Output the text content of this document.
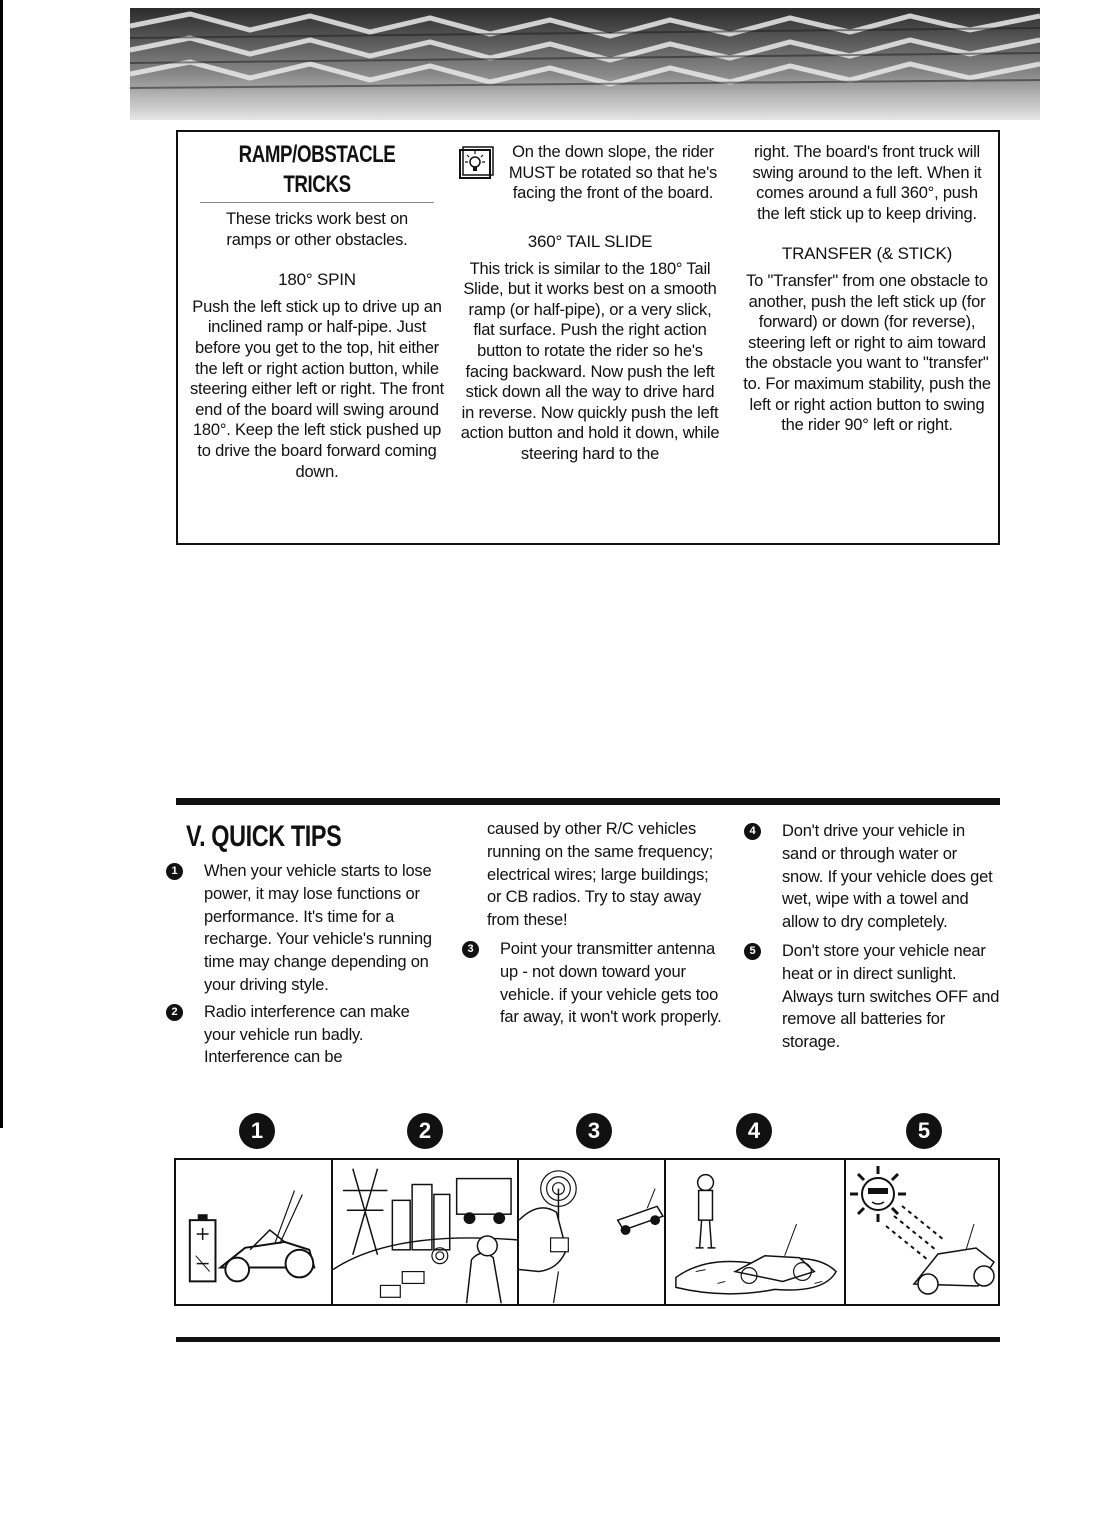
RAMP/OBSTACLE TRICKS
These tricks work best on ramps or other obstacles.
180° SPIN
Push the left stick up to drive up an inclined ramp or half-pipe. Just before you get to the top, hit either the left or right action button, while steering either left or right. The front end of the board will swing around 180°. Keep the left stick pushed up to drive the board forward coming down.
On the down slope, the rider MUST be rotated so that he's facing the front of the board.
360° TAIL SLIDE
This trick is similar to the 180° Tail Slide, but it works best on a smooth ramp (or half-pipe), or a very slick, flat surface. Push the right action button to rotate the rider so he's facing backward. Now push the left stick down all the way to drive hard in reverse. Now quickly push the left action button and hold it down, while steering hard to the
right. The board's front truck will swing around to the left. When it comes around a full 360°, push the left stick up to keep driving.
TRANSFER (& STICK)
To "Transfer" from one obstacle to another, push the left stick up (for forward) or down (for reverse), steering left or right to aim toward the obstacle you want to "transfer" to. For maximum stability, push the left or right action button to swing the rider 90° left or right.
V. QUICK TIPS
1	When your vehicle starts to lose power, it may lose functions or performance. It's time for a recharge. Your vehicle's running time may change depending on your driving style.
2	Radio interference can make your vehicle run badly. Interference can be
caused by other R/C vehicles running on the same frequency; electrical wires; large buildings; or CB radios. Try to stay away from these!
3	Point your transmitter antenna up - not down toward your vehicle. if your vehicle gets too far away, it won't work properly.
4	Don't drive your vehicle in sand or through water or snow. If your vehicle does get wet, wipe with a towel and allow to dry completely.
5	Don't store your vehicle near heat or in direct sunlight. Always turn switches OFF and remove all batteries for storage.
1	2	3	4	5
